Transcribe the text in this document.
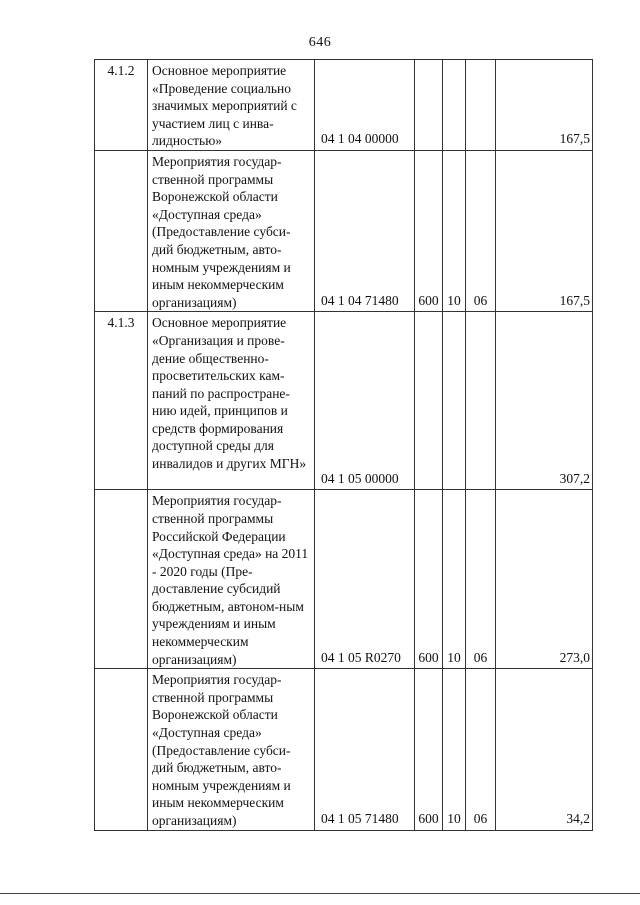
646
4.1.2	Основное мероприятие «Проведение социально значимых мероприятий с участием лиц с инва-лидностью»	04 1 04 00000				167,5
	Мероприятия государ-ственной программы Воронежской области «Доступная среда» (Предоставление субси-дий бюджетным, авто-номным учреждениям и иным некоммерческим организациям)	04 1 04 71480	600	10	06	167,5
4.1.3	Основное мероприятие «Организация и прове-дение общественно-просветительских кам-паний по распростране-нию идей, принципов и средств формирования доступной среды для инвалидов и других МГН»	04 1 05 00000				307,2
	Мероприятия государ-ственной программы Российской Федерации «Доступная среда» на 2011 - 2020 годы (Пре-доставление субсидий бюджетным, автоном-ным учреждениям и иным некоммерческим организациям)	04 1 05 R0270	600	10	06	273,0
	Мероприятия государ-ственной программы Воронежской области «Доступная среда» (Предоставление субси-дий бюджетным, авто-номным учреждениям и иным некоммерческим организациям)	04 1 05 71480	600	10	06	34,2
